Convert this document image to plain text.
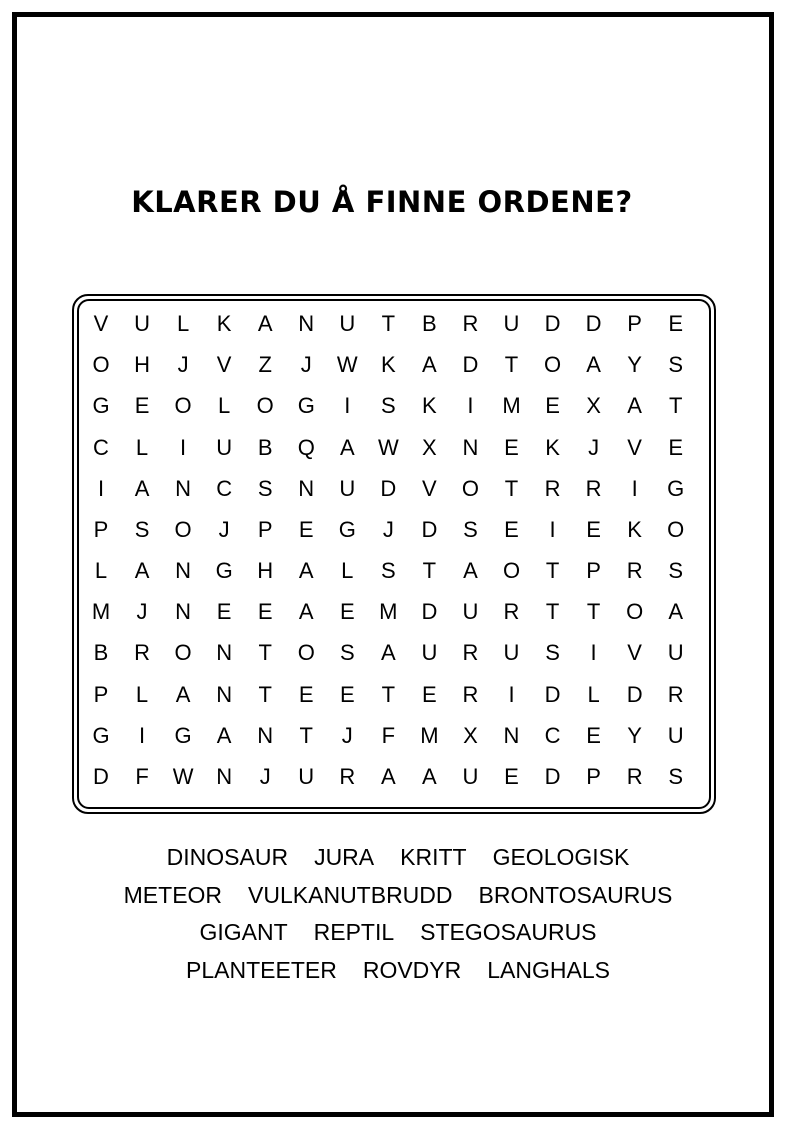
KLARER DU Å FINNE ORDENE?
V	U	L	K	A	N	U	T	B	R	U	D	D	P	E
O	H	J	V	Z	J	W	K	A	D	T	O	A	Y	S
G	E	O	L	O	G	I	S	K	I	M	E	X	A	T
C	L	I	U	B	Q	A	W	X	N	E	K	J	V	E
I	A	N	C	S	N	U	D	V	O	T	R	R	I	G
P	S	O	J	P	E	G	J	D	S	E	I	E	K	O
L	A	N	G	H	A	L	S	T	A	O	T	P	R	S
M	J	N	E	E	A	E	M	D	U	R	T	T	O	A
B	R	O	N	T	O	S	A	U	R	U	S	I	V	U
P	L	A	N	T	E	E	T	E	R	I	D	L	D	R
G	I	G	A	N	T	J	F	M	X	N	C	E	Y	U
D	F	W	N	J	U	R	A	A	U	E	D	P	R	S
DINOSAUR JURA KRITT GEOLOGISK
METEOR VULKANUTBRUDD BRONTOSAURUS
GIGANT REPTIL STEGOSAURUS
PLANTEETER ROVDYR LANGHALS
